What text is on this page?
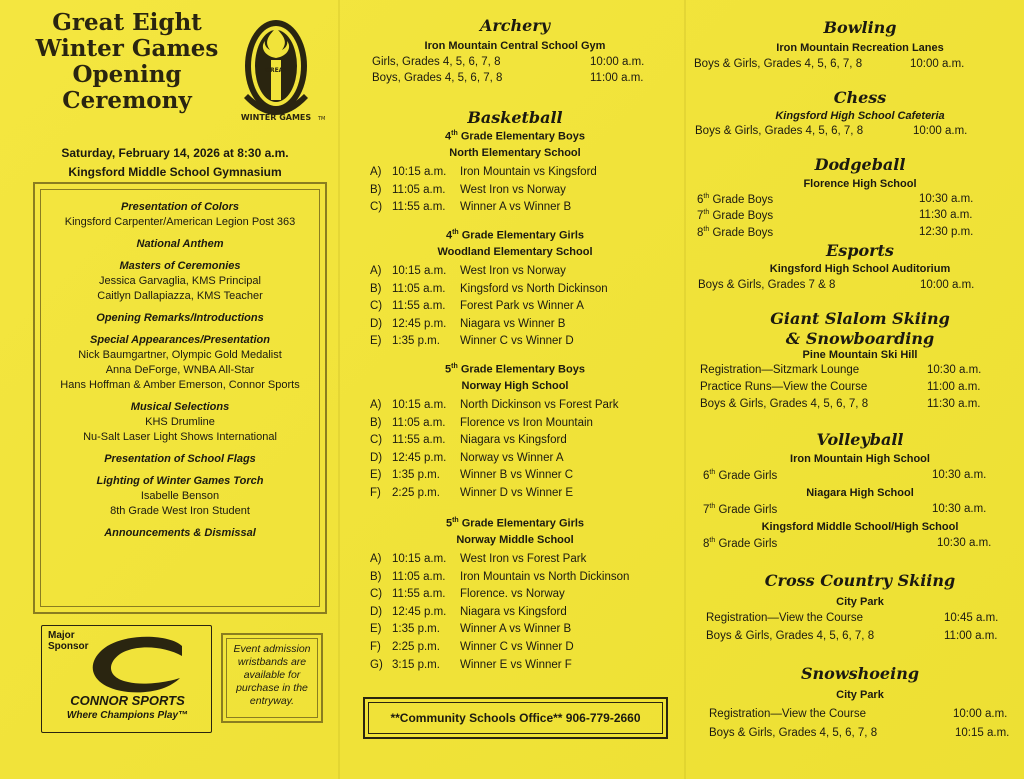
Great Eight
Winter Games
Opening
Ceremony
GREAT
WINTER GAMES TM
Saturday, February 14, 2026 at 8:30 a.m.
Kingsford Middle School Gymnasium
Presentation of Colors
Kingsford Carpenter/American Legion Post 363
National Anthem
Masters of Ceremonies
Jessica Garvaglia, KMS Principal
Caitlyn Dallapiazza, KMS Teacher
Opening Remarks/Introductions
Special Appearances/Presentation
Nick Baumgartner, Olympic Gold Medalist
Anna DeForge, WNBA All-Star
Hans Hoffman & Amber Emerson, Connor Sports
Musical Selections
KHS Drumline
Nu-Salt Laser Light Shows International
Presentation of School Flags
Lighting of Winter Games Torch
Isabelle Benson
8th Grade West Iron Student
Announcements & Dismissal
Major Sponsor
CONNOR SPORTS
Where Champions Play™
Event admission wristbands are available for purchase in the entryway.
Archery
Iron Mountain Central School Gym
Girls, Grades 4, 5, 6, 7, 8	10:00 a.m.
Boys, Grades 4, 5, 6, 7, 8	11:00 a.m.
Basketball
4th Grade Elementary Boys
North Elementary School
A) 10:15 a.m. Iron Mountain vs Kingsford
B) 11:05 a.m. West Iron vs Norway
C) 11:55 a.m. Winner A vs Winner B
4th Grade Elementary Girls
Woodland Elementary School
A) 10:15 a.m. West Iron vs Norway
B) 11:05 a.m. Kingsford vs North Dickinson
C) 11:55 a.m. Forest Park vs Winner A
D) 12:45 p.m. Niagara vs Winner B
E) 1:35 p.m. Winner C vs Winner D
5th Grade Elementary Boys
Norway High School
A) 10:15 a.m. North Dickinson vs Forest Park
B) 11:05 a.m. Florence vs Iron Mountain
C) 11:55 a.m. Niagara vs Kingsford
D) 12:45 p.m. Norway vs Winner A
E) 1:35 p.m. Winner B vs Winner C
F) 2:25 p.m. Winner D vs Winner E
5th Grade Elementary Girls
Norway Middle School
A) 10:15 a.m. West Iron vs Forest Park
B) 11:05 a.m. Iron Mountain vs North Dickinson
C) 11:55 a.m. Florence. vs Norway
D) 12:45 p.m. Niagara vs Kingsford
E) 1:35 p.m. Winner A vs Winner B
F) 2:25 p.m. Winner C vs Winner D
G) 3:15 p.m. Winner E vs Winner F
**Community Schools Office** 906-779-2660
Bowling
Iron Mountain Recreation Lanes
Boys & Girls, Grades 4, 5, 6, 7, 8	10:00 a.m.
Chess
Kingsford High School Cafeteria
Boys & Girls, Grades 4, 5, 6, 7, 8	10:00 a.m.
Dodgeball
Florence High School
6th Grade Boys	10:30 a.m.
7th Grade Boys	11:30 a.m.
8th Grade Boys	12:30 p.m.
Esports
Kingsford High School Auditorium
Boys & Girls, Grades 7 & 8	10:00 a.m.
Giant Slalom Skiing
& Snowboarding
Pine Mountain Ski Hill
Registration—Sitzmark Lounge	10:30 a.m.
Practice Runs—View the Course	11:00 a.m.
Boys & Girls, Grades 4, 5, 6, 7, 8	11:30 a.m.
Volleyball
Iron Mountain High School
6th Grade Girls	10:30 a.m.
Niagara High School
7th Grade Girls	10:30 a.m.
Kingsford Middle School/High School
8th Grade Girls	10:30 a.m.
Cross Country Skiing
City Park
Registration—View the Course	10:45 a.m.
Boys & Girls, Grades 4, 5, 6, 7, 8	11:00 a.m.
Snowshoeing
City Park
Registration—View the Course	10:00 a.m.
Boys & Girls, Grades 4, 5, 6, 7, 8	10:15 a.m.
